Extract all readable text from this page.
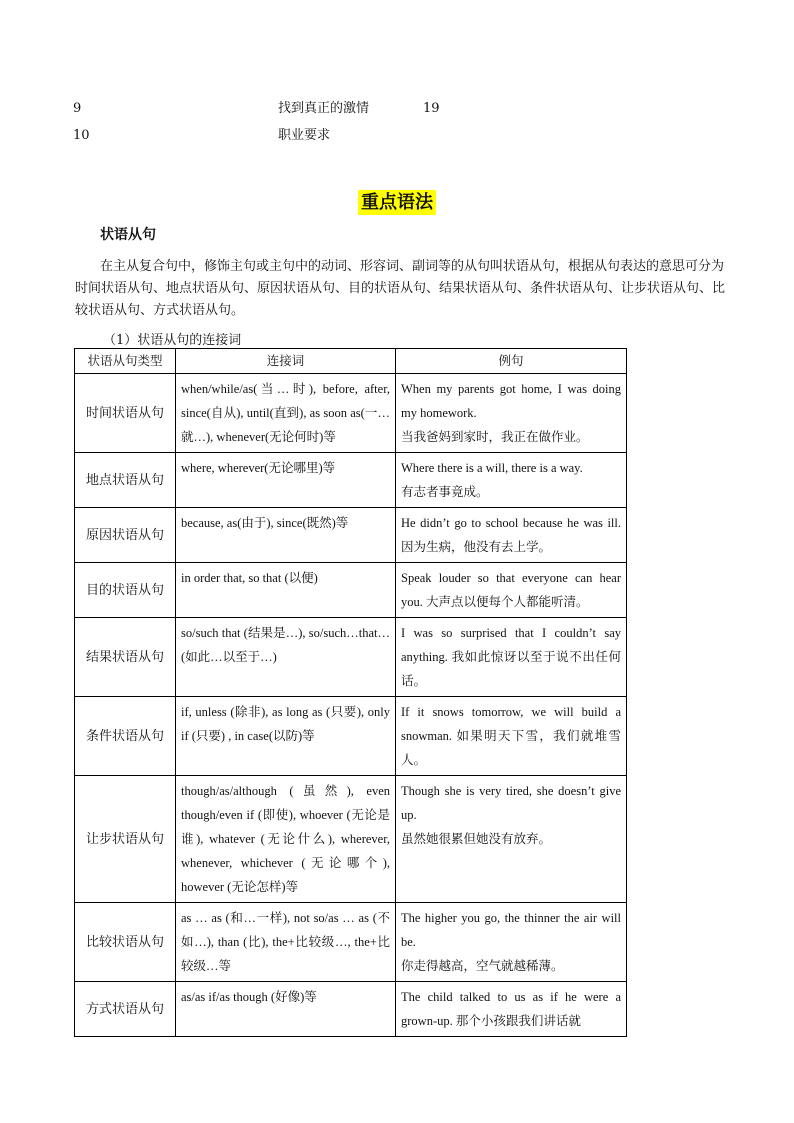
9	找到真正的激情	19
10	职业要求
重点语法
状语从句

在主从复合句中，修饰主句或主句中的动词、形容词、副词等的从句叫状语从句，根据从句表达的意思可分为时间状语从句、地点状语从句、原因状语从句、目的状语从句、结果状语从句、条件状语从句、让步状语从句、比较状语从句、方式状语从句。

（1）状语从句的连接词
状语从句类型	连接词	例句
时间状语从句	when/while/as(当…时), before, after, since(自从), until(直到), as soon as(一…就…), whenever(无论何时)等	When my parents got home, I was doing my homework.
当我爸妈到家时，我正在做作业。

地点状语从句	where, wherever(无论哪里)等	Where there is a will, there is a way.
有志者事竟成。

原因状语从句	because, as(由于), since(既然)等	He didn’t go to school because he was ill. 因为生病，他没有去上学。

目的状语从句	in order that, so that (以便)	Speak louder so that everyone can hear you. 大声点以便每个人都能听清。

结果状语从句	so/such that (结果是…), so/such…that…(如此…以至于…)	I was so surprised that I couldn’t say anything. 我如此惊讶以至于说不出任何话。

条件状语从句	if, unless (除非), as long as (只要), only if (只要) , in case(以防)等	If it snows tomorrow, we will build a snowman. 如果明天下雪，我们就堆雪人。

让步状语从句	though/as/although (虽然), even though/even if (即使), whoever (无论是谁), whatever (无论什么), wherever, whenever, whichever (无论哪个), however (无论怎样)等	Though she is very tired, she doesn’t give up.
虽然她很累但她没有放弃。

比较状语从句	as … as (和…一样), not so/as … as (不如…), than (比), the+比较级…, the+比较级…等	The higher you go, the thinner the air will be.
你走得越高，空气就越稀薄。

方式状语从句	as/as if/as though (好像)等	The child talked to us as if he were a grown-up. 那个小孩跟我们讲话就
